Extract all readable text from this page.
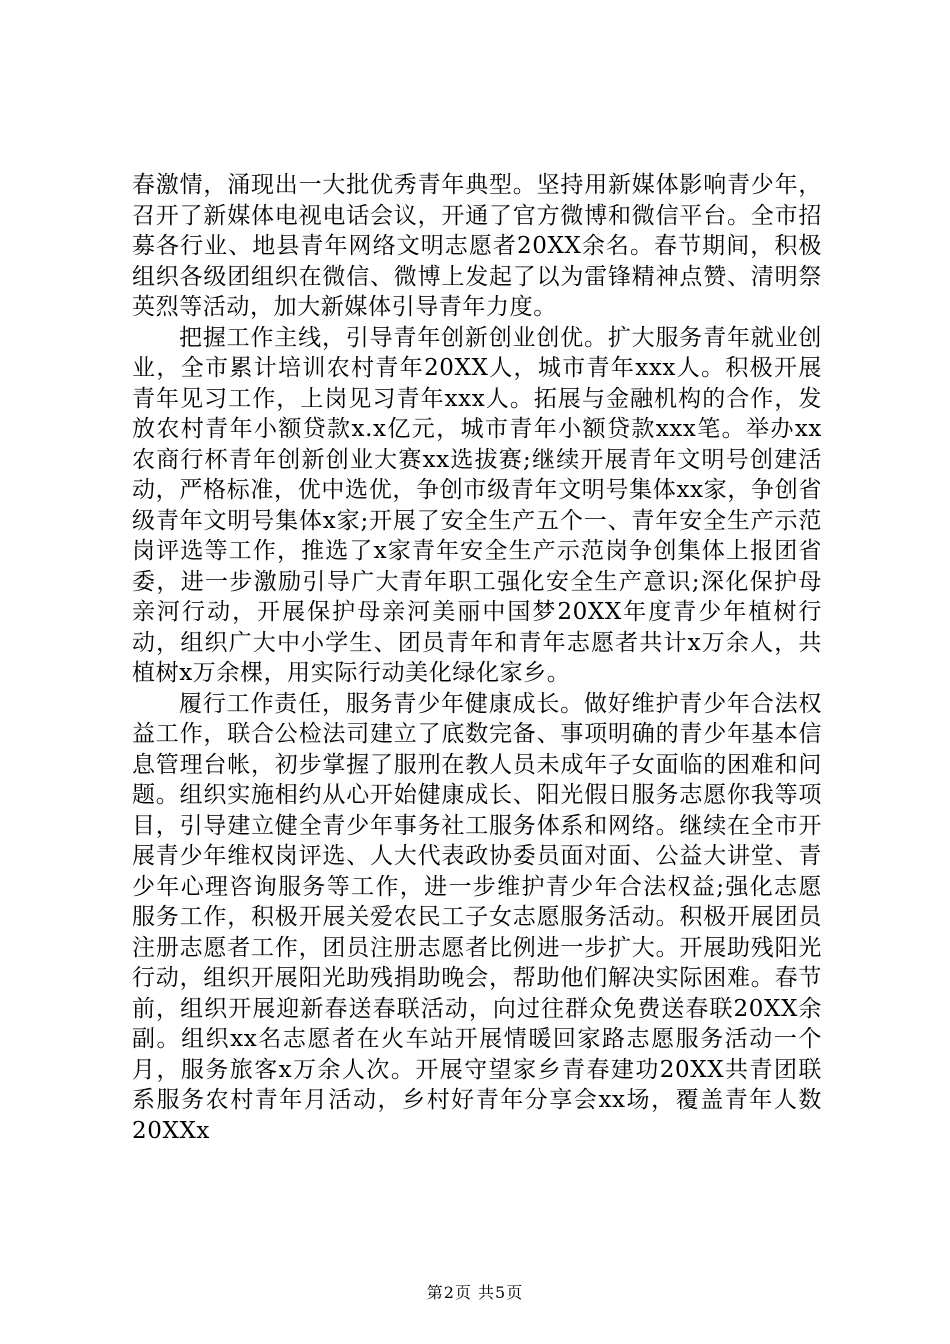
春激情，涌现出一大批优秀青年典型。坚持用新媒体影响青少年，召开了新媒体电视电话会议，开通了官方微博和微信平台。全市招募各行业、地县青年网络文明志愿者20XX余名。春节期间，积极组织各级团组织在微信、微博上发起了以为雷锋精神点赞、清明祭英烈等活动，加大新媒体引导青年力度。

把握工作主线，引导青年创新创业创优。扩大服务青年就业创业，全市累计培训农村青年20XX人，城市青年xxx人。积极开展青年见习工作，上岗见习青年xxx人。拓展与金融机构的合作，发放农村青年小额贷款x.x亿元，城市青年小额贷款xxx笔。举办xx农商行杯青年创新创业大赛xx选拔赛;继续开展青年文明号创建活动，严格标准，优中选优，争创市级青年文明号集体xx家，争创省级青年文明号集体x家;开展了安全生产五个一、青年安全生产示范岗评选等工作，推选了x家青年安全生产示范岗争创集体上报团省委，进一步激励引导广大青年职工强化安全生产意识;深化保护母亲河行动，开展保护母亲河美丽中国梦20XX年度青少年植树行动，组织广大中小学生、团员青年和青年志愿者共计x万余人，共植树x万余棵，用实际行动美化绿化家乡。

履行工作责任，服务青少年健康成长。做好维护青少年合法权益工作，联合公检法司建立了底数完备、事项明确的青少年基本信息管理台帐，初步掌握了服刑在教人员未成年子女面临的困难和问题。组织实施相约从心开始健康成长、阳光假日服务志愿你我等项目，引导建立健全青少年事务社工服务体系和网络。继续在全市开展青少年维权岗评选、人大代表政协委员面对面、公益大讲堂、青少年心理咨询服务等工作，进一步维护青少年合法权益;强化志愿服务工作，积极开展关爱农民工子女志愿服务活动。积极开展团员注册志愿者工作，团员注册志愿者比例进一步扩大。开展助残阳光行动，组织开展阳光助残捐助晚会，帮助他们解决实际困难。春节前，组织开展迎新春送春联活动，向过往群众免费送春联20XX余副。组织xx名志愿者在火车站开展情暖回家路志愿服务活动一个月，服务旅客x万余人次。开展守望家乡青春建功20XX共青团联系服务农村青年月活动，乡村好青年分享会xx场，覆盖青年人数20XXx

第2页 共5页
